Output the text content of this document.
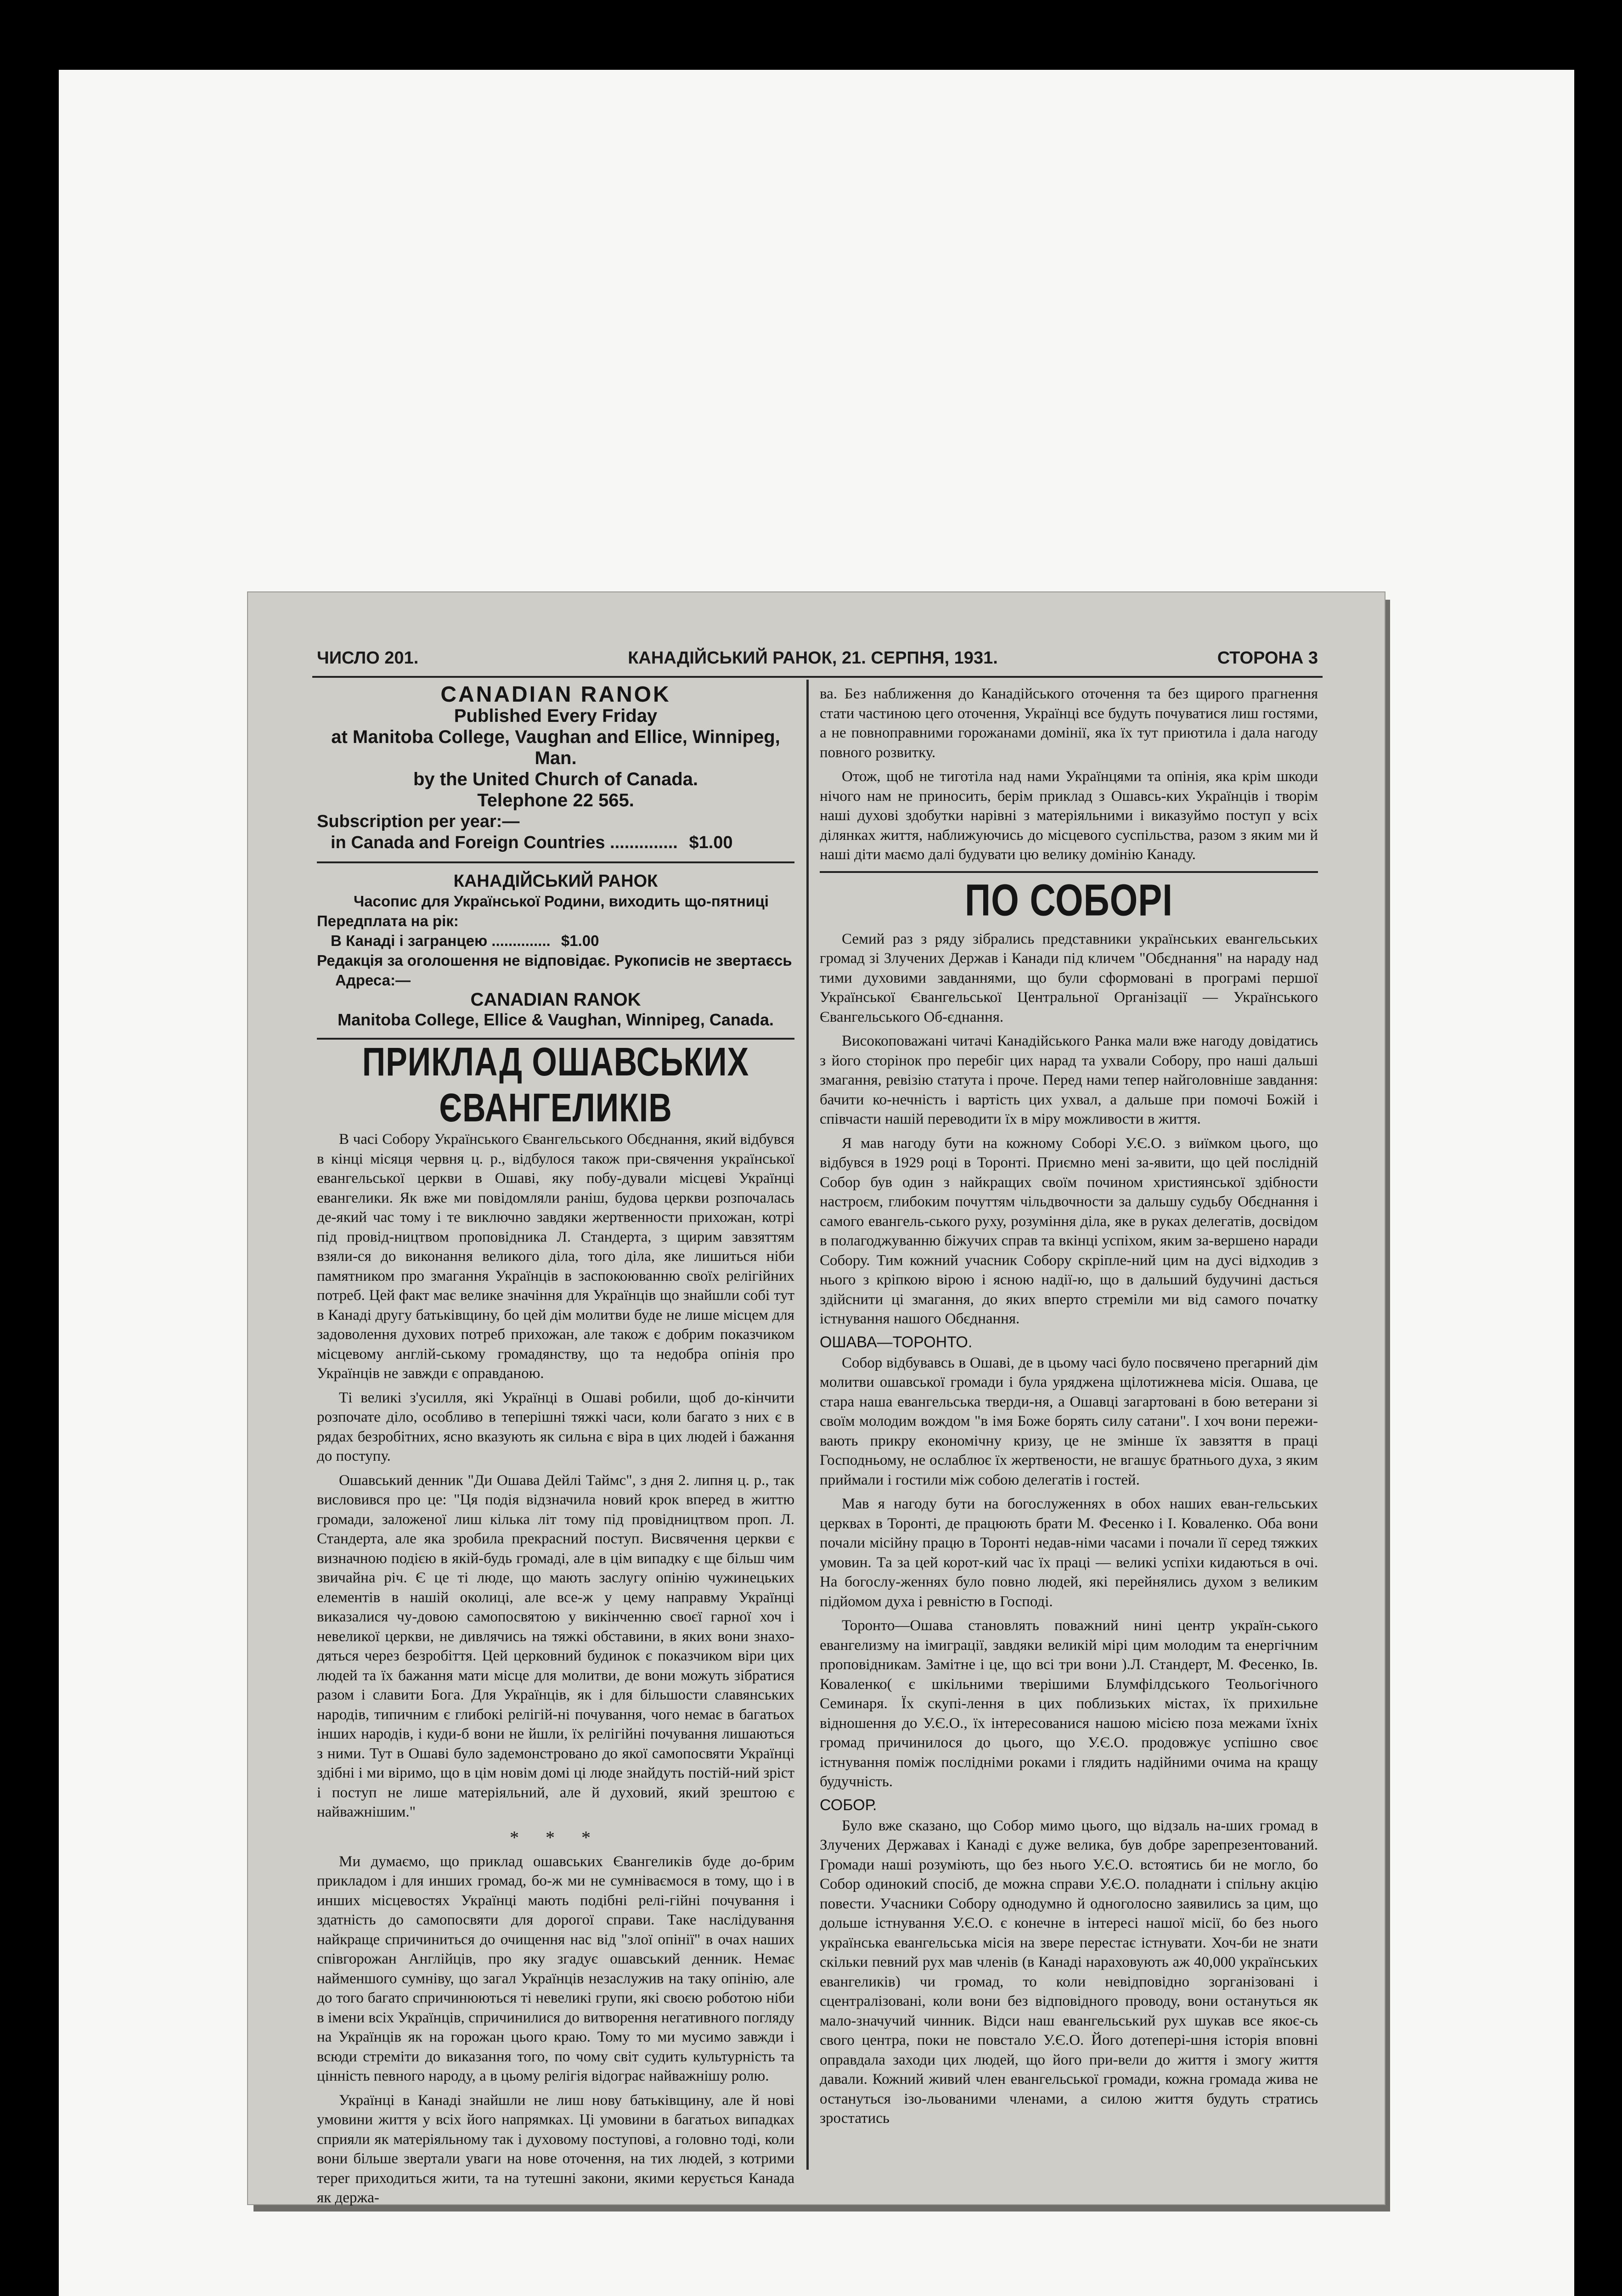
ЧИСЛО 201.	КАНАДІЙСЬКИЙ РАНОК, 21. СЕРПНЯ, 1931.	СТОРОНА 3
CANADIAN RANOK
Published Every Friday
at Manitoba College, Vaughan and Ellice, Winnipeg, Man.
by the United Church of Canada.
Telephone 22 565.
Subscription per year:—
in Canada and Foreign Countries .............. $1.00
КАНАДІЙСЬКИЙ РАНОК
Часопис для Української Родини, виходить що-пятниці
Передплата на рік:
В Канаді і загранцею .............. $1.00
Редакція за оголошення не відповідає. Рукописів не звертаєсь
Адреса:—
CANADIAN RANOK
Manitoba College, Ellice & Vaughan, Winnipeg, Canada.
ПРИКЛАД ОШАВСЬКИХ ЄВАНГЕЛИКІВ

В часі Собору Українського Євангельського Обєднання, який відбувся в кінці місяця червня ц. р., відбулося також при-свячення української евангельської церкви в Ошаві, яку побу-дували місцеві Українці евангелики. Як вже ми повідомляли раніш, будова церкви розпочалась де-який час тому і те виключно завдяки жертвенности прихожан, котрі під провід-ництвом проповідника Л. Стандерта, з щирим завзяттям взяли-ся до виконання великого діла, того діла, яке лишиться ніби памятником про змагання Українців в заспокоюванню своїх релігійних потреб. Цей факт має велике значіння для Українців що знайшли собі тут в Канаді другу батьківщину, бо цей дім молитви буде не лише місцем для задоволення духових потреб прихожан, але також є добрим показчиком місцевому англій-ському громадянству, що та недобра опінія про Українців не завжди є оправданою.

Ті великі з'усилля, які Українці в Ошаві робили, щоб до-кінчити розпочате діло, особливо в теперішні тяжкі часи, коли багато з них є в рядах безробітних, ясно вказують як сильна є віра в цих людей і бажання до поступу.

Ошавський денник "Ди Ошава Дейлі Таймс", з дня 2. липня ц. р., так висловився про це: "Ця подія відзначила новий крок вперед в життю громади, заложеної лиш кілька літ тому під провідництвом проп. Л. Стандерта, але яка зробила прекрасний поступ. Висвячення церкви є визначною подією в якій-будь громаді, але в цім випадку є ще більш чим звичайна річ. Є це ті люде, що мають заслугу опінію чужинецьких елементів в нашій околиці, але все-ж у цему направму Українці виказалися чу-довою самопосвятою у викінченню своєї гарної хоч і невеликої церкви, не дивлячись на тяжкі обставини, в яких вони знахо-дяться через безробіття. Цей церковний будинок є показчиком віри цих людей та їх бажання мати місце для молитви, де вони можуть зібратися разом і славити Бога. Для Українців, як і для більшости славянських народів, типичним є глибокі релігій-ні почування, чого немає в багатьох інших народів, і куди-б вони не йшли, їх релігійні почування лишаються з ними. Тут в Ошаві було задемонстровано до якої самопосвяти Українці здібні і ми віримо, що в цім новім домі ці люде знайдуть постій-ний зріст і поступ не лише матеріяльний, але й духовий, який зрештою є найважнішим."

* * *

Ми думаємо, що приклад ошавських Євангеликів буде до-брим прикладом і для инших громад, бо-ж ми не сумніваємося в тому, що і в инших місцевостях Українці мають подібні релі-гійні почування і здатність до самопосвяти для дорогої справи. Таке наслідування найкраще спричиниться до очищення нас від "злої опінії" в очах наших співгорожан Англійців, про яку згадує ошавський денник. Немає найменшого сумніву, що загал Українців незаслужив на таку опінію, але до того багато спричинюються ті невеликі групи, які своєю роботою ніби в імени всіх Українців, спричинилися до витворення негативного погляду на Українців як на горожан цього краю. Тому то ми мусимо завжди і всюди стреміти до виказання того, по чому світ судить культурність та цінність певного народу, а в цьому релігія відограє найважнішу ролю.

Українці в Канаді знайшли не лиш нову батьківщину, але й нові умовини життя у всіх його напрямках. Ці умовини в багатьох випадках сприяли як матеріяльному так і духовому поступові, а головно тоді, коли вони більше звертали уваги на нове оточення, на тих людей, з котрими теper приходиться жити, та на тутешні закони, якими керується Канада як держа-

ва. Без наближення до Канадійського оточення та без щирого прагнення стати частиною цего оточення, Українці все будуть почуватися лиш гостями, а не повноправними горожанами домінії, яка їх тут приютила і дала нагоду повного розвитку.

Отож, щоб не тиготіла над нами Українцями та опінія, яка крім шкоди нічого нам не приносить, берім приклад з Ошавсь-ких Українців і творім наші духові здобутки нарівні з матеріяльними і виказуймо поступ у всіх ділянках життя, наближуючись до місцевого суспільства, разом з яким ми й наші діти маємо далі будувати цю велику домінію Канаду.

ПО СОБОРІ

Семий раз з ряду зібрались представники українських евангельських громад зі Злучених Держав і Канади під кличем "Обєднання" на нараду над тими духовими завданнями, що були сформовані в програмі першої Української Євангельської Центральної Організації — Українського Євангельського Об-єднання.

Високоповажані читачі Канадійського Ранка мали вже нагоду довідатись з його сторінок про перебіг цих нарад та ухвали Собору, про наші дальші змагання, ревізію статута і проче. Перед нами тепер найголовніше завдання: бачити ко-нечність і вартість цих ухвал, а дальше при помочі Божій і співчасти нашій переводити їх в міру можливости в життя.

Я мав нагоду бути на кожному Соборі У.Є.О. з виїмком цього, що відбувся в 1929 році в Торонті. Приємно мені за-явити, що цей послідній Собор був один з найкращих своїм почином християнської здібности настроєм, глибоким почуттям чільдвочности за дальшу судьбу Обєднання і самого евангель-ського руху, розуміння діла, яке в руках делегатів, досвідом в полагоджуванню біжучих справ та вкінці успіхом, яким за-вершено наради Собору. Тим кожний учасник Собору скріпле-ний цим на дусі відходив з нього з кріпкою вірою і ясною надії-ю, що в дальший будучині дасться здійснити ці змагання, до яких вперто стреміли ми від самого початку істнування нашого Обєднання.

ОШАВА—ТОРОНТО.

Собор відбувавсь в Ошаві, де в цьому часі було посвячено прегарний дім молитви ошавської громади і була уряджена щілотижнева місія. Ошава, це стара наша евангельська тверди-ня, а Ошавці загартовані в бою ветерани зі своїм молодим вождом "в імя Боже борять силу сатани". І хоч вони пережи-вають прикру економічну кризу, це не змінше їх завзяття в праці Господньому, не ослаблює їх жертвености, не вгашує братнього духа, з яким приймали і гостили між собою делегатів і гостей.

Мав я нагоду бути на богослуженнях в обох наших еван-гельських церквах в Торонті, де працюють брати М. Фесенко і І. Коваленко. Оба вони почали місійну працю в Торонті недав-німи часами і почали її серед тяжких умовин. Та за цей корот-кий час їх праці — великі успіхи кидаються в очі. На богослу-женнях було повно людей, які перейнялись духом з великим підйомом духа і ревністю в Господі.

Торонто—Ошава становлять поважний нині центр україн-ського евангелизму на імиграції, завдяки великій мірі цим молодим та енергічним проповідникам. Замітне і це, що всі три вони ).Л. Стандерт, М. Фесенко, Ів. Коваленко( є шкільними тверішими Блумфілдського Теольогічного Семинаря. Їх скупі-лення в цих поблизьких містах, їх прихильне відношення до У.Є.О., їх інтересованися нашою місією поза межами їхніх громад причинилося до цього, що У.Є.О. продовжує успішно своє істнування поміж послідніми роками і глядить надійними очима на кращу будучність.

СОБОР.

Було вже сказано, що Собор мимо цього, що відзаль на-ших громад в Злучених Державах і Канаді є дуже велика, був добре зарепрезентований. Громади наші розуміють, що без нього У.Є.О. встоятись би не могло, бо Собор одинокий спосіб, де можна справи У.Є.О. поладнати і спільну акцію повести. Учасники Собору однодумно й одноголосно заявились за цим, що дольше істнування У.Є.О. є конечне в інтересі нашої місії, бо без нього українська евангельська місія на звере перестає істнувати. Хоч-би не знати скільки певний рух мав членів (в Канаді нараховують аж 40,000 українських евангеликів) чи громад, то коли невідповідно зорганізовані і сцентралізовані, коли вони без відповідного проводу, вони остануться як мало-значучий чинник. Відси наш евангельський рух шукав все якоє-сь свого центра, поки не повстало У.Є.О. Його дотепері-шня історія вповні оправдала заходи цих людей, що його при-вели до життя і змогу життя давали. Кожний живий член евангельської громади, кожна громада жива не остануться ізо-льованими членами, а силою життя будуть стратись зростатись
